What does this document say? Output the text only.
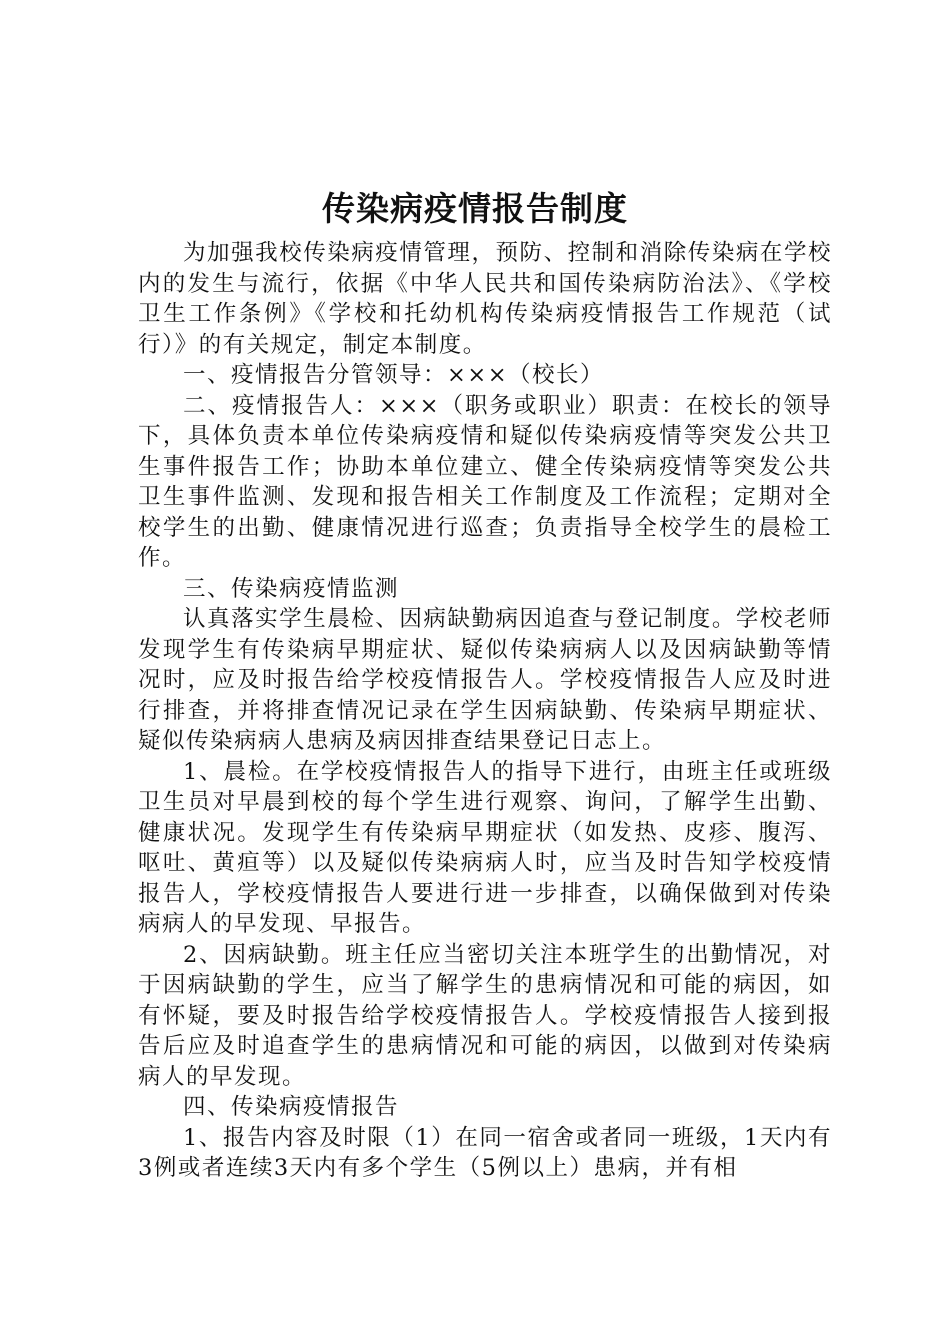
传染病疫情报告制度

为加强我校传染病疫情管理，预防、控制和消除传染病在学校内的发生与流行，依据《中华人民共和国传染病防治法》、《学校卫生工作条例》《学校和托幼机构传染病疫情报告工作规范（试行）》的有关规定，制定本制度。

一、疫情报告分管领导：×××（校长）

二、疫情报告人：×××（职务或职业）职责：在校长的领导下，具体负责本单位传染病疫情和疑似传染病疫情等突发公共卫生事件报告工作；协助本单位建立、健全传染病疫情等突发公共卫生事件监测、发现和报告相关工作制度及工作流程；定期对全校学生的出勤、健康情况进行巡查；负责指导全校学生的晨检工作。

三、传染病疫情监测

认真落实学生晨检、因病缺勤病因追查与登记制度。学校老师发现学生有传染病早期症状、疑似传染病病人以及因病缺勤等情况时，应及时报告给学校疫情报告人。学校疫情报告人应及时进行排查，并将排查情况记录在学生因病缺勤、传染病早期症状、疑似传染病病人患病及病因排查结果登记日志上。

1、晨检。在学校疫情报告人的指导下进行，由班主任或班级卫生员对早晨到校的每个学生进行观察、询问，了解学生出勤、健康状况。发现学生有传染病早期症状（如发热、皮疹、腹泻、呕吐、黄疸等）以及疑似传染病病人时，应当及时告知学校疫情报告人，学校疫情报告人要进行进一步排查，以确保做到对传染病病人的早发现、早报告。

2、因病缺勤。班主任应当密切关注本班学生的出勤情况，对于因病缺勤的学生，应当了解学生的患病情况和可能的病因，如有怀疑，要及时报告给学校疫情报告人。学校疫情报告人接到报告后应及时追查学生的患病情况和可能的病因，以做到对传染病病人的早发现。

四、传染病疫情报告

1、报告内容及时限（1）在同一宿舍或者同一班级，1天内有3例或者连续3天内有多个学生（5例以上）患病，并有相
